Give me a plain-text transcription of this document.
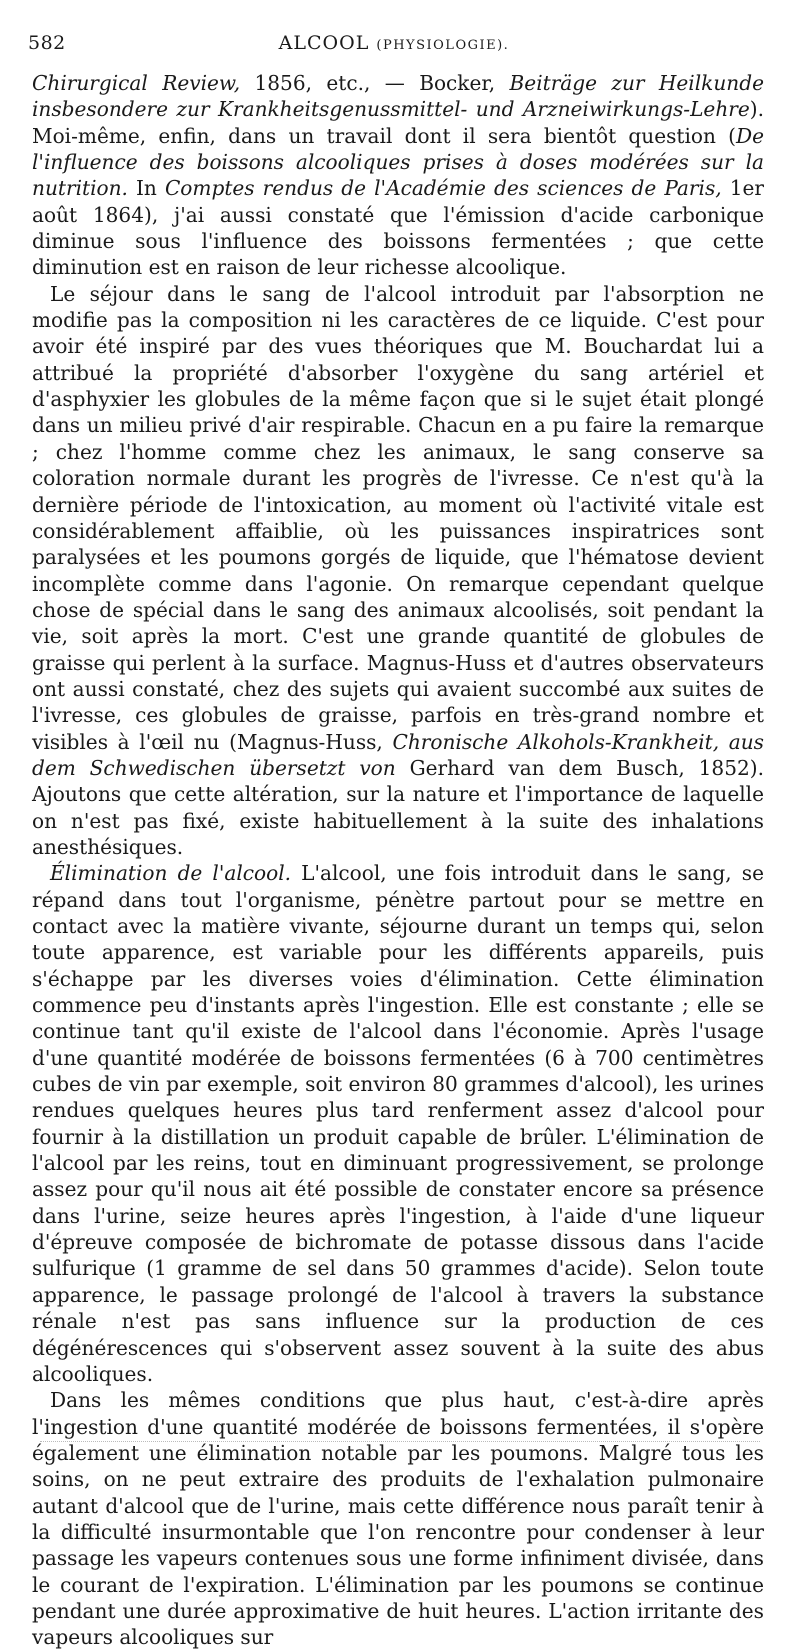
582	ALCOOL (PHYSIOLOGIE).

Chirurgical Review, 1856, etc., — Bocker, Beiträge zur Heilkunde insbesondere zur Krankheitsgenussmittel- und Arzneiwirkungs-Lehre). Moi-même, enfin, dans un travail dont il sera bientôt question (De l'influence des boissons alcooliques prises à doses modérées sur la nutrition. In Comptes rendus de l'Académie des sciences de Paris, 1er août 1864), j'ai aussi constaté que l'émission d'acide carbonique diminue sous l'influence des boissons fermentées ; que cette diminution est en raison de leur richesse alcoolique.

Le séjour dans le sang de l'alcool introduit par l'absorption ne modifie pas la composition ni les caractères de ce liquide. C'est pour avoir été inspiré par des vues théoriques que M. Bouchardat lui a attribué la propriété d'absorber l'oxygène du sang artériel et d'asphyxier les globules de la même façon que si le sujet était plongé dans un milieu privé d'air respirable. Chacun en a pu faire la remarque ; chez l'homme comme chez les animaux, le sang conserve sa coloration normale durant les progrès de l'ivresse. Ce n'est qu'à la dernière période de l'intoxication, au moment où l'activité vitale est considérablement affaiblie, où les puissances inspiratrices sont paralysées et les poumons gorgés de liquide, que l'hématose devient incomplète comme dans l'agonie. On remarque cependant quelque chose de spécial dans le sang des animaux alcoolisés, soit pendant la vie, soit après la mort. C'est une grande quantité de globules de graisse qui perlent à la surface. Magnus-Huss et d'autres observateurs ont aussi constaté, chez des sujets qui avaient succombé aux suites de l'ivresse, ces globules de graisse, parfois en très-grand nombre et visibles à l'œil nu (Magnus-Huss, Chronische Alkohols-Krankheit, aus dem Schwedischen übersetzt von Gerhard van dem Busch, 1852). Ajoutons que cette altération, sur la nature et l'importance de laquelle on n'est pas fixé, existe habituellement à la suite des inhalations anesthésiques.

Élimination de l'alcool. L'alcool, une fois introduit dans le sang, se répand dans tout l'organisme, pénètre partout pour se mettre en contact avec la matière vivante, séjourne durant un temps qui, selon toute apparence, est variable pour les différents appareils, puis s'échappe par les diverses voies d'élimination. Cette élimination commence peu d'instants après l'ingestion. Elle est constante ; elle se continue tant qu'il existe de l'alcool dans l'économie. Après l'usage d'une quantité modérée de boissons fermentées (6 à 700 centimètres cubes de vin par exemple, soit environ 80 grammes d'alcool), les urines rendues quelques heures plus tard renferment assez d'alcool pour fournir à la distillation un produit capable de brûler. L'élimination de l'alcool par les reins, tout en diminuant progressivement, se prolonge assez pour qu'il nous ait été possible de constater encore sa présence dans l'urine, seize heures après l'ingestion, à l'aide d'une liqueur d'épreuve composée de bichromate de potasse dissous dans l'acide sulfurique (1 gramme de sel dans 50 grammes d'acide). Selon toute apparence, le passage prolongé de l'alcool à travers la substance rénale n'est pas sans influence sur la production de ces dégénérescences qui s'observent assez souvent à la suite des abus alcooliques.

Dans les mêmes conditions que plus haut, c'est-à-dire après l'ingestion d'une quantité modérée de boissons fermentées, il s'opère également une élimination notable par les poumons. Malgré tous les soins, on ne peut extraire des produits de l'exhalation pulmonaire autant d'alcool que de l'urine, mais cette différence nous paraît tenir à la difficulté insurmontable que l'on rencontre pour condenser à leur passage les vapeurs contenues sous une forme infiniment divisée, dans le courant de l'expiration. L'élimination par les poumons se continue pendant une durée approximative de huit heures. L'action irritante des vapeurs alcooliques sur
